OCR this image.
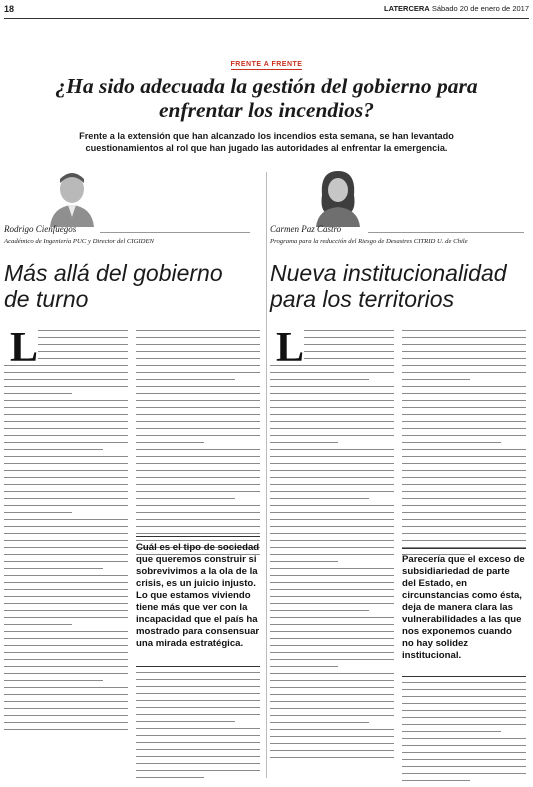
18	LATERCERA Sábado 20 de enero de 2017
FRENTE A FRENTE
¿Ha sido adecuada la gestión del gobierno para enfrentar los incendios?

Frente a la extensión que han alcanzado los incendios esta semana, se han levantado cuestionamientos al rol que han jugado las autoridades al enfrentar la emergencia.

Rodrigo Cienfuegos
Académico de Ingeniería PUC y Director del CIGIDEN
Más allá del gobierno de turno
L

Cuál es el tipo de sociedad que queremos construir si sobrevivimos a la ola de la crisis, es un juicio injusto. Lo que estamos viviendo tiene más que ver con la incapacidad que el país ha mostrado para consensuar una mirada estratégica.

Carmen Paz Castro
Programa para la reducción del Riesgo de Desastres CITRID U. de Chile
Nueva institucionalidad para los territorios
L

Parecería que el exceso de subsidiariedad de parte del Estado, en circunstancias como ésta, deja de manera clara las vulnerabilidades a las que nos exponemos cuando no hay solidez institucional.
